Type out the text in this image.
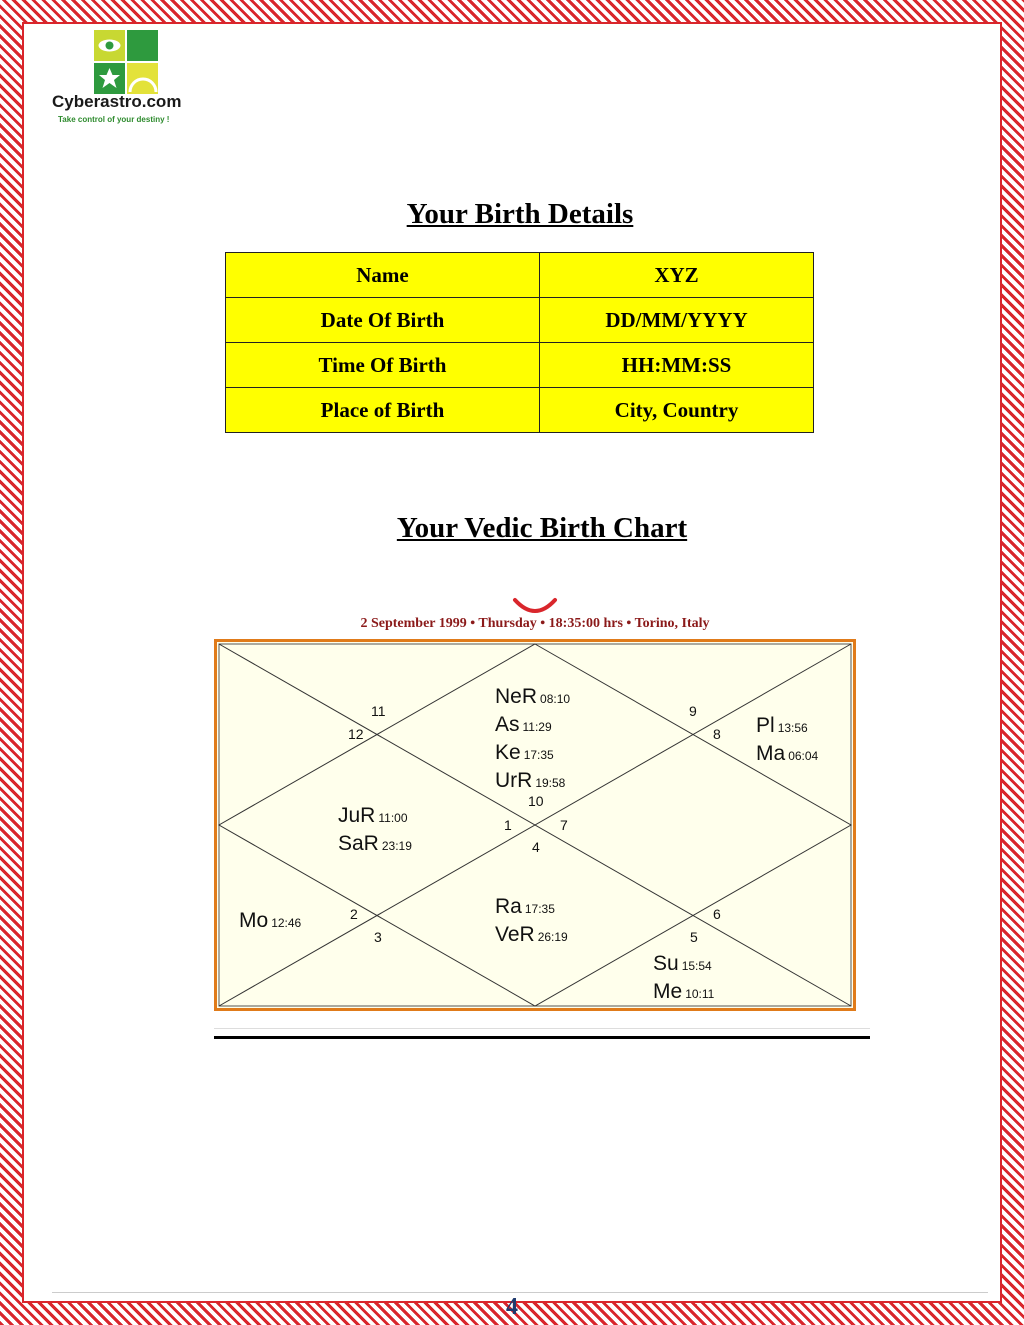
Cyberastro.com
Take control of your destiny !
Your Birth Details
Name	XYZ
Date Of Birth	DD/MM/YYYY
Time Of Birth	HH:MM:SS
Place of Birth	City, Country
Your Vedic Birth Chart
2 September 1999 • Thursday • 18:35:00 hrs • Torino, Italy
11
12
9
8
10
1	7
4
2
3
6
5
NeR 08:10
As 11:29
Ke 17:35
UrR 19:58
Pl 13:56
Ma 06:04
JuR 11:00
SaR 23:19
Mo 12:46
Ra 17:35
VeR 26:19
Su 15:54
Me 10:11
4
